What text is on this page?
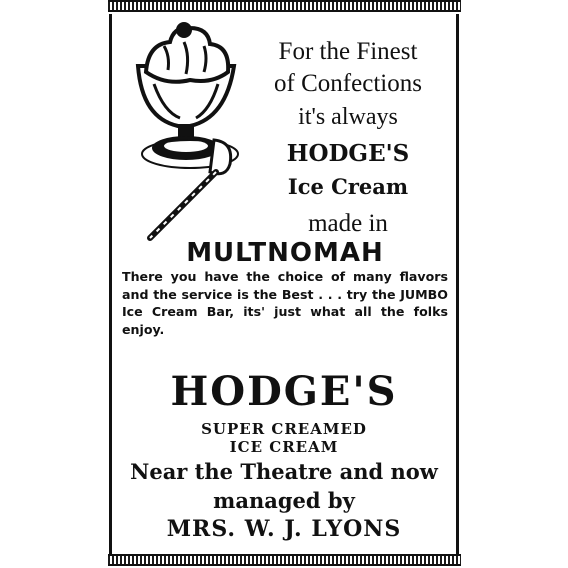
For the Finest
of Confections
it's always
HODGE'S
Ice Cream
made in
MULTNOMAH
There you have the choice of many flavors and the service is the Best . . . try the JUMBO Ice Cream Bar, its' just what all the folks enjoy.
HODGE'S
SUPER CREAMED
ICE CREAM
Near the Theatre and now
managed by
MRS. W. J. LYONS
